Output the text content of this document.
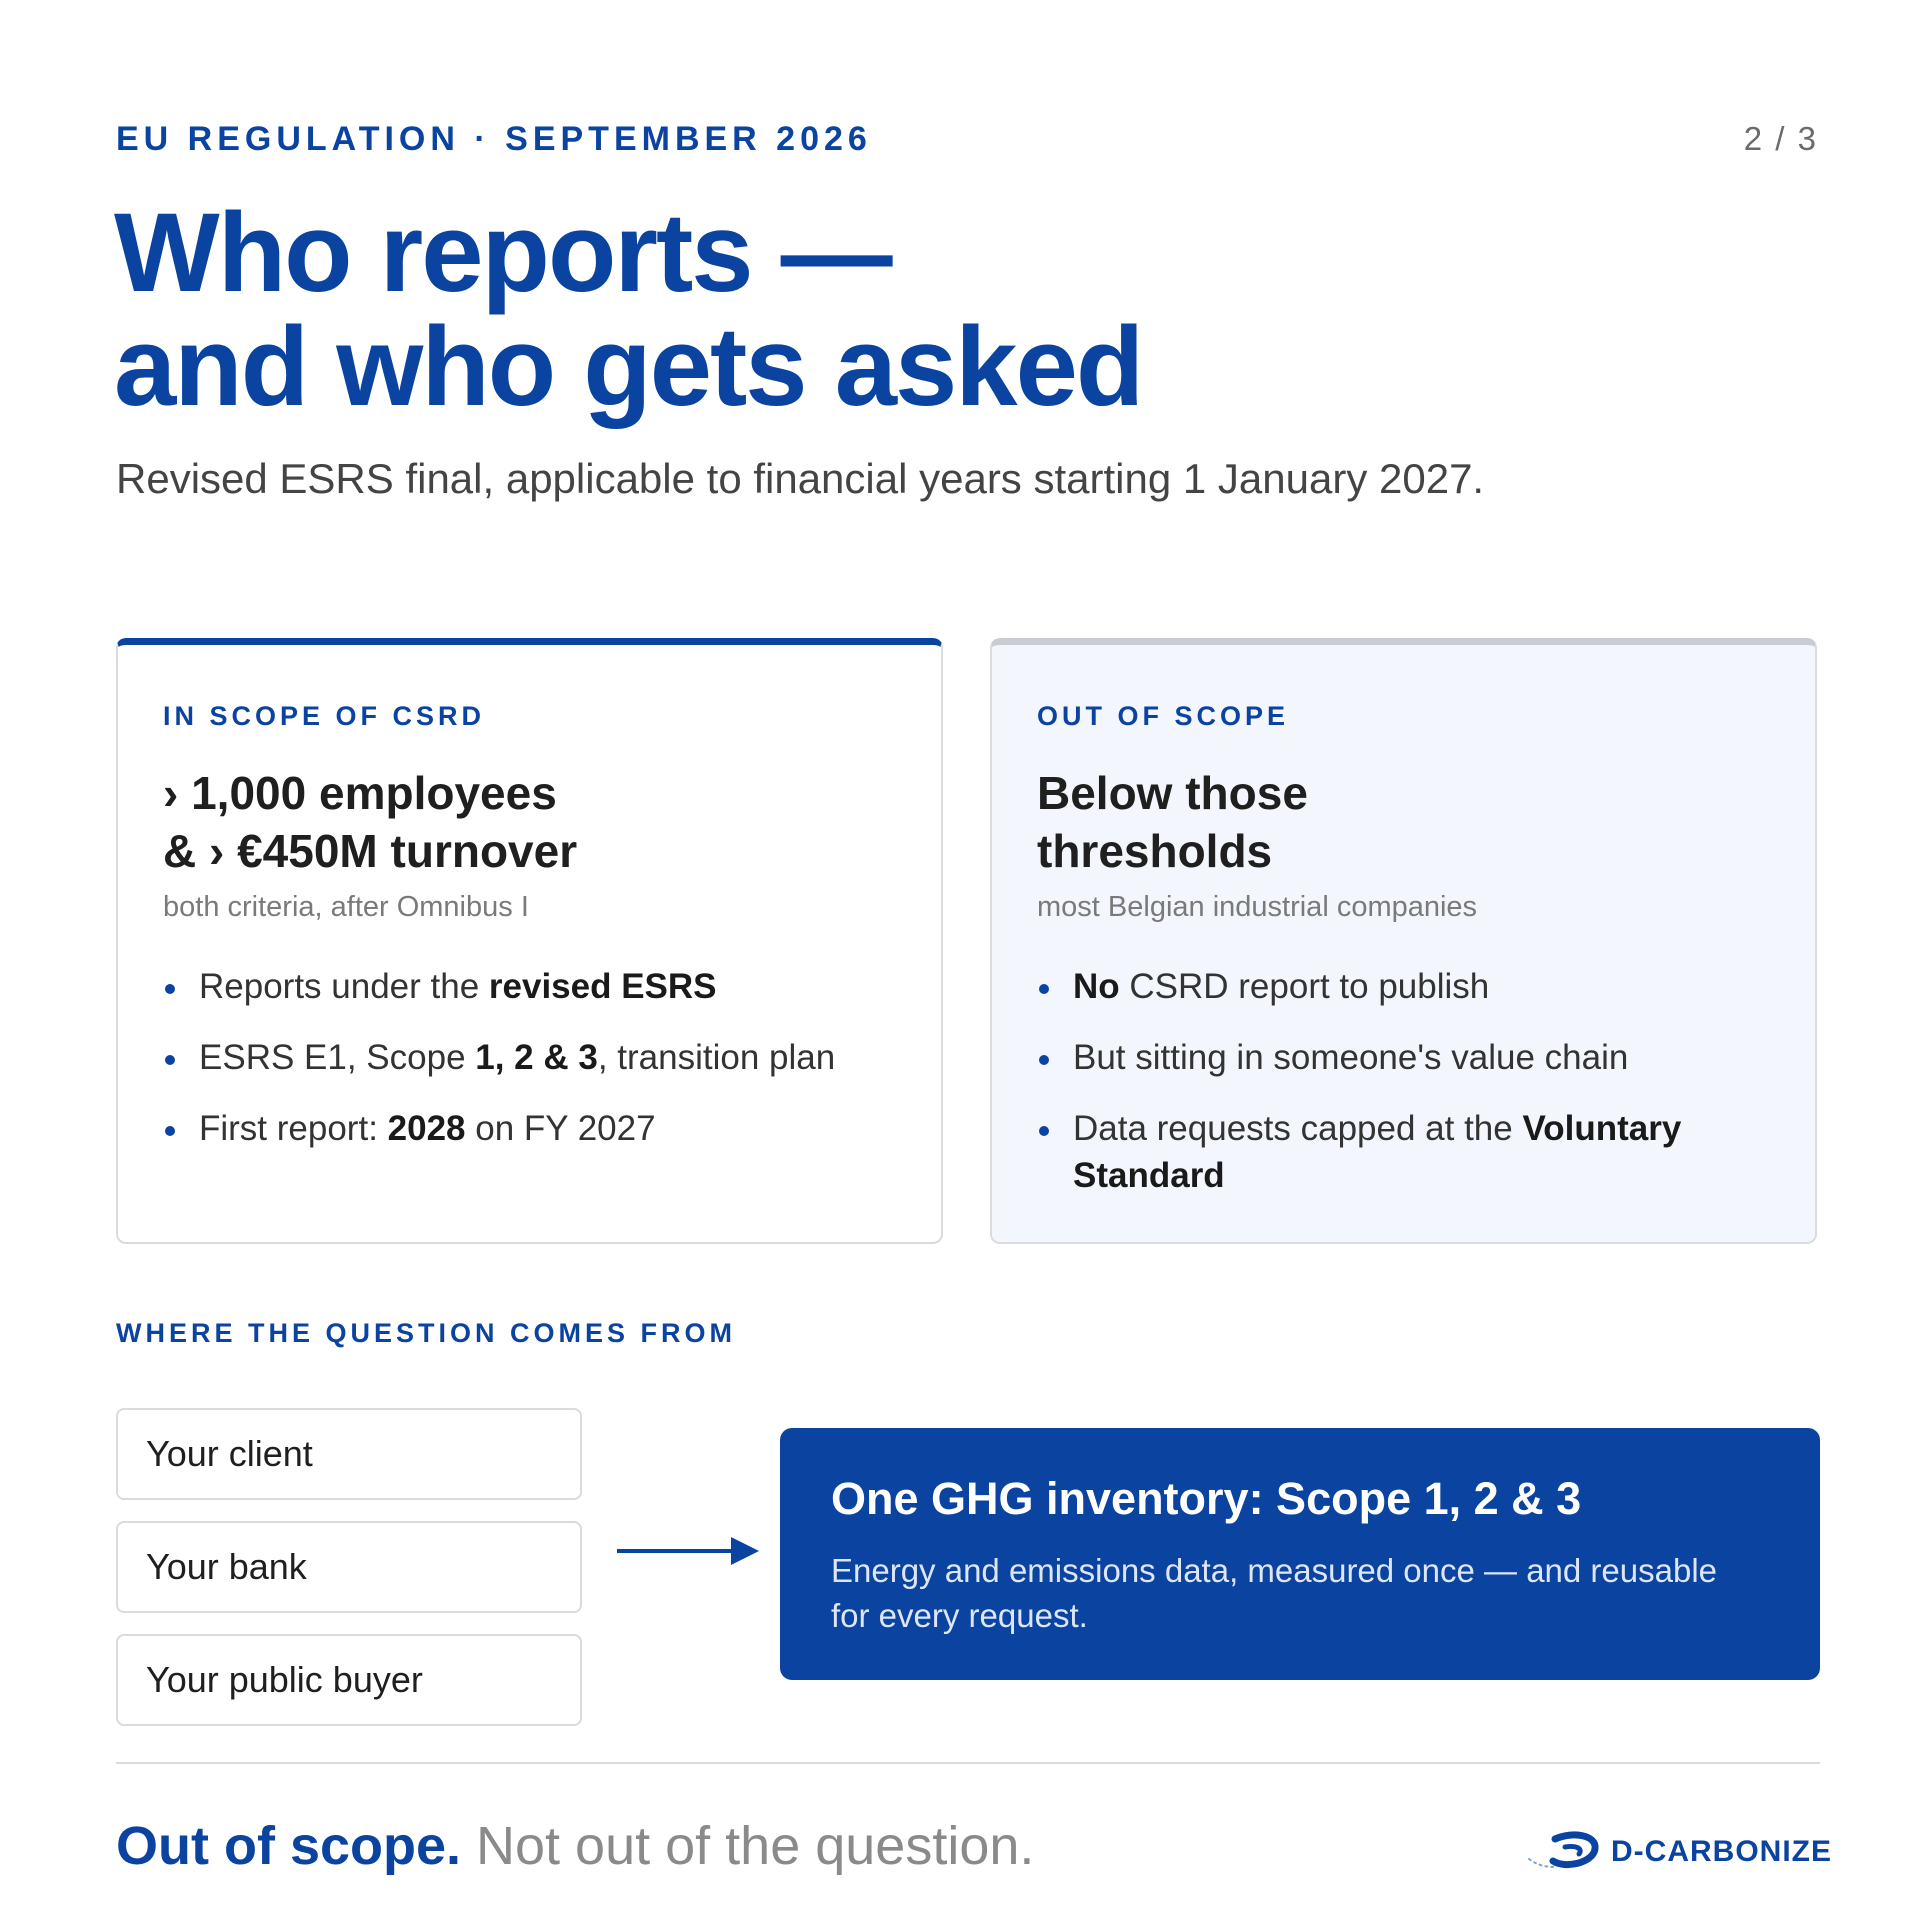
EU REGULATION · SEPTEMBER 2026	2 / 3
Who reports —
and who gets asked
Revised ESRS final, applicable to financial years starting 1 January 2027.
IN SCOPE OF CSRD
› 1,000 employees
& › €450M turnover
both criteria, after Omnibus I
Reports under the revised ESRS
ESRS E1, Scope 1, 2 & 3, transition plan
First report: 2028 on FY 2027
OUT OF SCOPE
Below those
thresholds
most Belgian industrial companies
No CSRD report to publish
But sitting in someone's value chain
Data requests capped at the Voluntary Standard
WHERE THE QUESTION COMES FROM
Your client
Your bank
Your public buyer
One GHG inventory: Scope 1, 2 & 3
Energy and emissions data, measured once — and reusable for every request.
Out of scope. Not out of the question.	D-CARBONIZE
